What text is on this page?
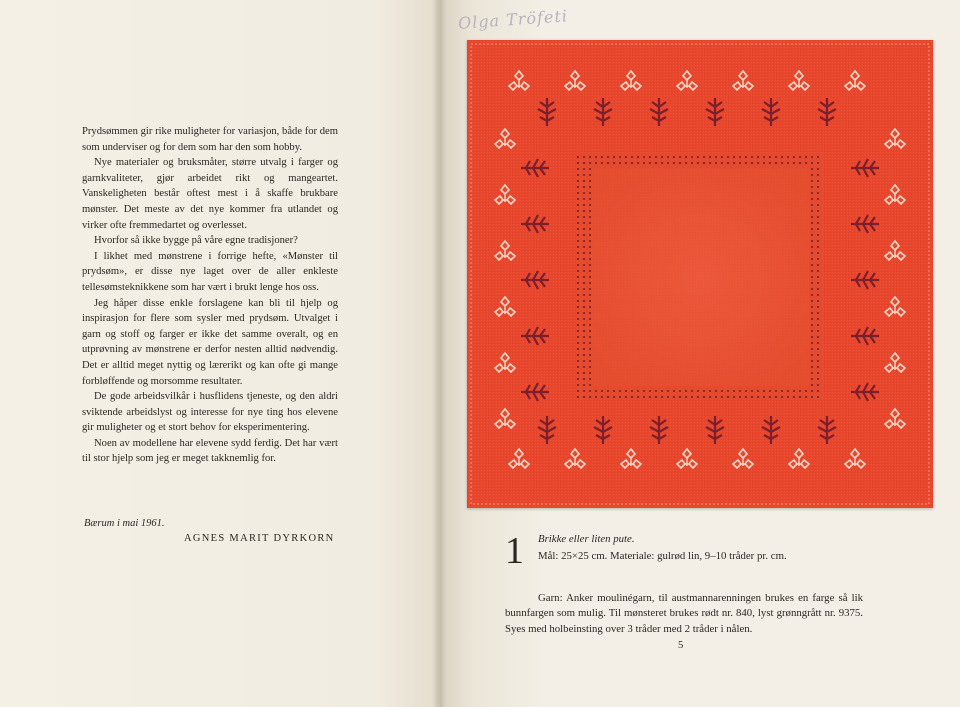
Prydsømmen gir rike muligheter for variasjon, både for dem som underviser og for dem som har den som hobby.

Nye materialer og bruksmåter, større utvalg i farger og garnkvaliteter, gjør arbeidet rikt og mangeartet. Vanskeligheten består oftest mest i å skaffe brukbare mønster. Det meste av det nye kommer fra utlandet og virker ofte fremmedartet og overlesset.

Hvorfor så ikke bygge på våre egne tradisjoner?

I likhet med mønstrene i forrige hefte, «Mønster til prydsøm», er disse nye laget over de aller enkleste tellesømsteknikkene som har vært i brukt lenge hos oss.

Jeg håper disse enkle forslagene kan bli til hjelp og inspirasjon for flere som sysler med prydsøm. Utvalget i garn og stoff og farger er ikke det samme overalt, og en utprøvning av mønstrene er derfor nesten alltid nødvendig. Det er alltid meget nyttig og lærerikt og kan ofte gi mange forbløffende og morsomme resultater.

De gode arbeidsvilkår i husflidens tjeneste, og den aldri sviktende arbeidslyst og interesse for nye ting hos elevene gir muligheter og et stort behov for eksperimentering.

Noen av modellene har elevene sydd ferdig. Det har vært til stor hjelp som jeg er meget takknemlig for.

Bærum i mai 1961.
AGNES MARIT DYRKORN
Olga Tröfeti
1 Brikke eller liten pute.

Mål: 25×25 cm. Materiale: gulrød lin, 9–10 tråder pr. cm.

Garn: Anker moulinégarn, til austmannarenningen brukes en farge så lik bunnfargen som mulig. Til mønsteret brukes rødt nr. 840, lyst grønngrått nr. 9375. Syes med holbeinsting over 3 tråder med 2 tråder i nålen.

5
